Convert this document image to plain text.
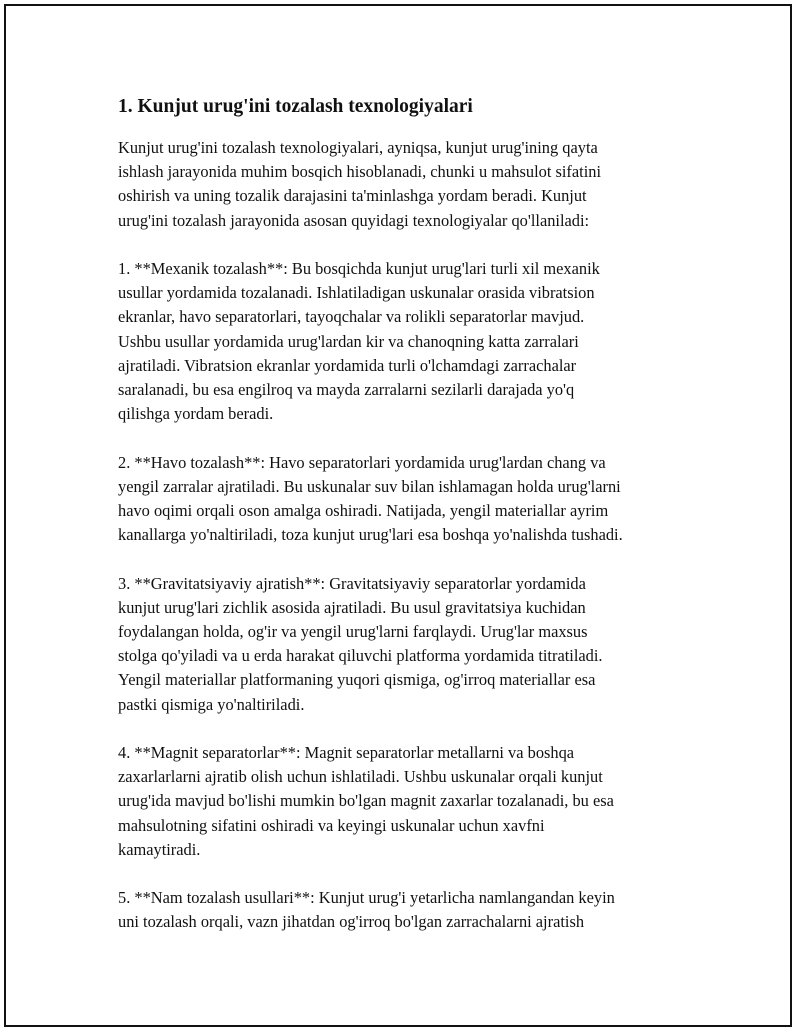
1. Kunjut urug'ini tozalash texnologiyalari
Kunjut urug'ini tozalash texnologiyalari, ayniqsa, kunjut urug'ining qayta
ishlash jarayonida muhim bosqich hisoblanadi, chunki u mahsulot sifatini
oshirish va uning tozalik darajasini ta'minlashga yordam beradi. Kunjut
urug'ini tozalash jarayonida asosan quyidagi texnologiyalar qo'llaniladi:
1. **Mexanik tozalash**: Bu bosqichda kunjut urug'lari turli xil mexanik
usullar yordamida tozalanadi. Ishlatiladigan uskunalar orasida vibratsion
ekranlar, havo separatorlari, tayoqchalar va rolikli separatorlar mavjud.
Ushbu usullar yordamida urug'lardan kir va chanoqning katta zarralari
ajratiladi. Vibratsion ekranlar yordamida turli o'lchamdagi zarrachalar
saralanadi, bu esa engilroq va mayda zarralarni sezilarli darajada yo'q
qilishga yordam beradi.
2. **Havo tozalash**: Havo separatorlari yordamida urug'lardan chang va
yengil zarralar ajratiladi. Bu uskunalar suv bilan ishlamagan holda urug'larni
havo oqimi orqali oson amalga oshiradi. Natijada, yengil materiallar ayrim
kanallarga yo'naltiriladi, toza kunjut urug'lari esa boshqa yo'nalishda tushadi.
3. **Gravitatsiyaviy ajratish**: Gravitatsiyaviy separatorlar yordamida
kunjut urug'lari zichlik asosida ajratiladi. Bu usul gravitatsiya kuchidan
foydalangan holda, og'ir va yengil urug'larni farqlaydi. Urug'lar maxsus
stolga qo'yiladi va u erda harakat qiluvchi platforma yordamida titratiladi.
Yengil materiallar platformaning yuqori qismiga, og'irroq materiallar esa
pastki qismiga yo'naltiriladi.
4. **Magnit separatorlar**: Magnit separatorlar metallarni va boshqa
zaxarlarlarni ajratib olish uchun ishlatiladi. Ushbu uskunalar orqali kunjut
urug'ida mavjud bo'lishi mumkin bo'lgan magnit zaxarlar tozalanadi, bu esa
mahsulotning sifatini oshiradi va keyingi uskunalar uchun xavfni
kamaytiradi.
5. **Nam tozalash usullari**: Kunjut urug'i yetarlicha namlangandan keyin
uni tozalash orqali, vazn jihatdan og'irroq bo'lgan zarrachalarni ajratish
